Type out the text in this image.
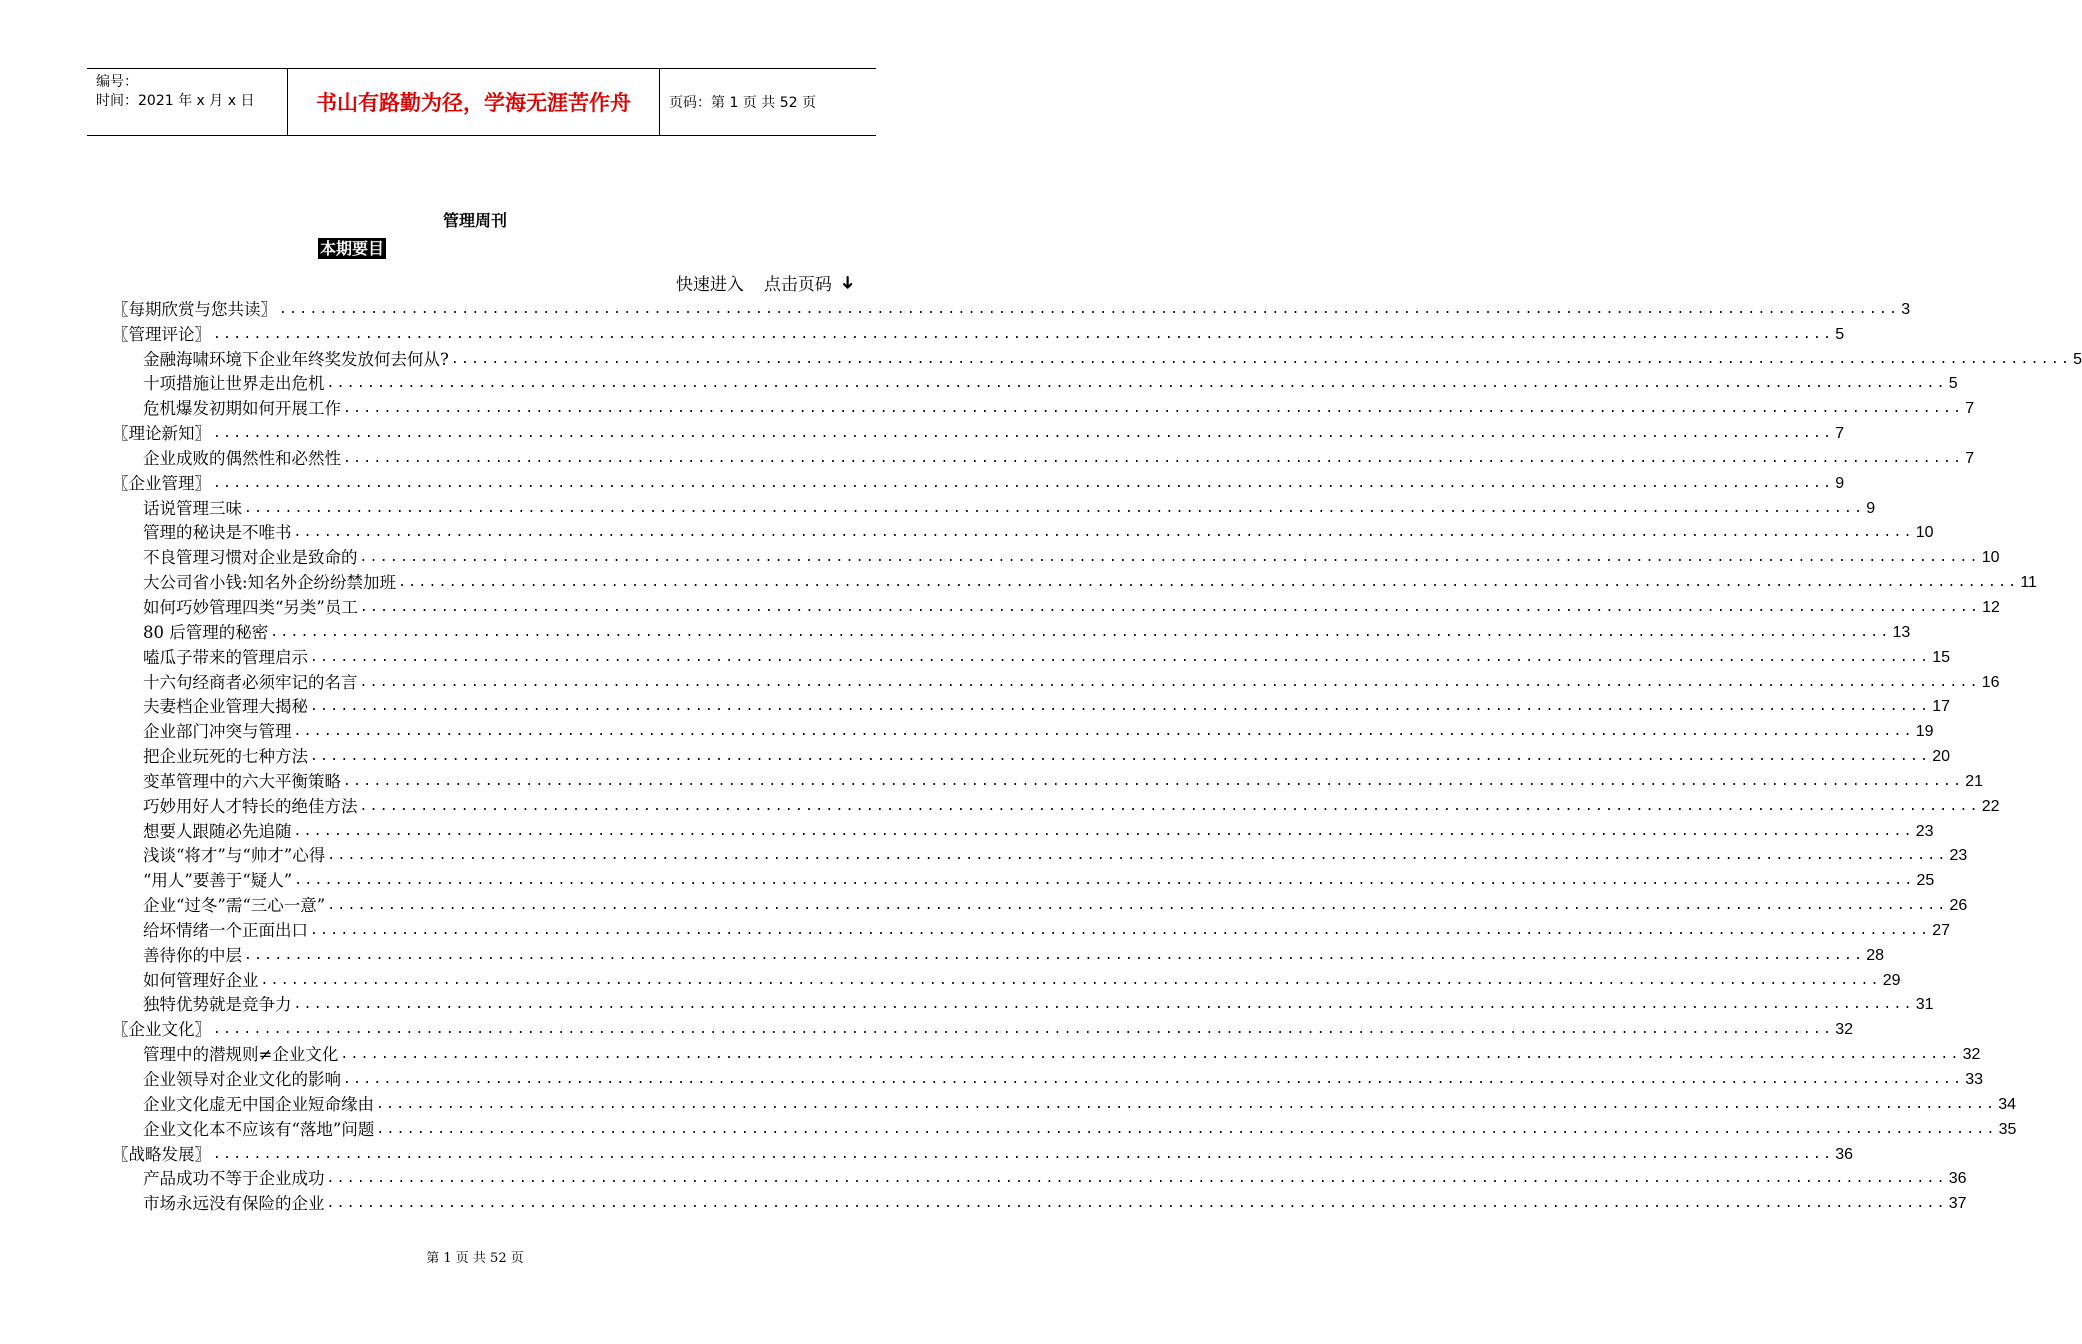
编号：
时间：2021 年 x 月 x 日	书山有路勤为径，学海无涯苦作舟	页码：第 1 页 共 52 页
管理周刊
本期要目
快速进入 点击页码 ➜
〖每期欣赏与您共读〗 ................................................................................................................................................................ 3
〖管理评论〗 ................................................................................................................................................................ 5
金融海啸环境下企业年终奖发放何去何从? ................................................................................................................................................................ 5
十项措施让世界走出危机 ................................................................................................................................................................ 5
危机爆发初期如何开展工作 ................................................................................................................................................................ 7
〖理论新知〗 ................................................................................................................................................................ 7
企业成败的偶然性和必然性 ................................................................................................................................................................ 7
〖企业管理〗 ................................................................................................................................................................ 9
话说管理三味 ................................................................................................................................................................ 9
管理的秘诀是不唯书 ................................................................................................................................................................ 10
不良管理习惯对企业是致命的 ................................................................................................................................................................ 10
大公司省小钱:知名外企纷纷禁加班 ................................................................................................................................................................ 11
如何巧妙管理四类“另类”员工 ................................................................................................................................................................ 12
80 后管理的秘密 ................................................................................................................................................................ 13
嗑瓜子带来的管理启示 ................................................................................................................................................................ 15
十六句经商者必须牢记的名言 ................................................................................................................................................................ 16
夫妻档企业管理大揭秘 ................................................................................................................................................................ 17
企业部门冲突与管理 ................................................................................................................................................................ 19
把企业玩死的七种方法 ................................................................................................................................................................ 20
变革管理中的六大平衡策略 ................................................................................................................................................................ 21
巧妙用好人才特长的绝佳方法 ................................................................................................................................................................ 22
想要人跟随必先追随 ................................................................................................................................................................ 23
浅谈“将才”与“帅才”心得 ................................................................................................................................................................ 23
“用人”要善于“疑人” ................................................................................................................................................................ 25
企业“过冬”需“三心一意” ................................................................................................................................................................ 26
给坏情绪一个正面出口 ................................................................................................................................................................ 27
善待你的中层 ................................................................................................................................................................ 28
如何管理好企业 ................................................................................................................................................................ 29
独特优势就是竞争力 ................................................................................................................................................................ 31
〖企业文化〗 ................................................................................................................................................................ 32
管理中的潜规则≠企业文化 ................................................................................................................................................................ 32
企业领导对企业文化的影响 ................................................................................................................................................................ 33
企业文化虚无中国企业短命缘由 ................................................................................................................................................................ 34
企业文化本不应该有“落地”问题 ................................................................................................................................................................ 35
〖战略发展〗 ................................................................................................................................................................ 36
产品成功不等于企业成功 ................................................................................................................................................................ 36
市场永远没有保险的企业 ................................................................................................................................................................ 37
第 1 页 共 52 页
